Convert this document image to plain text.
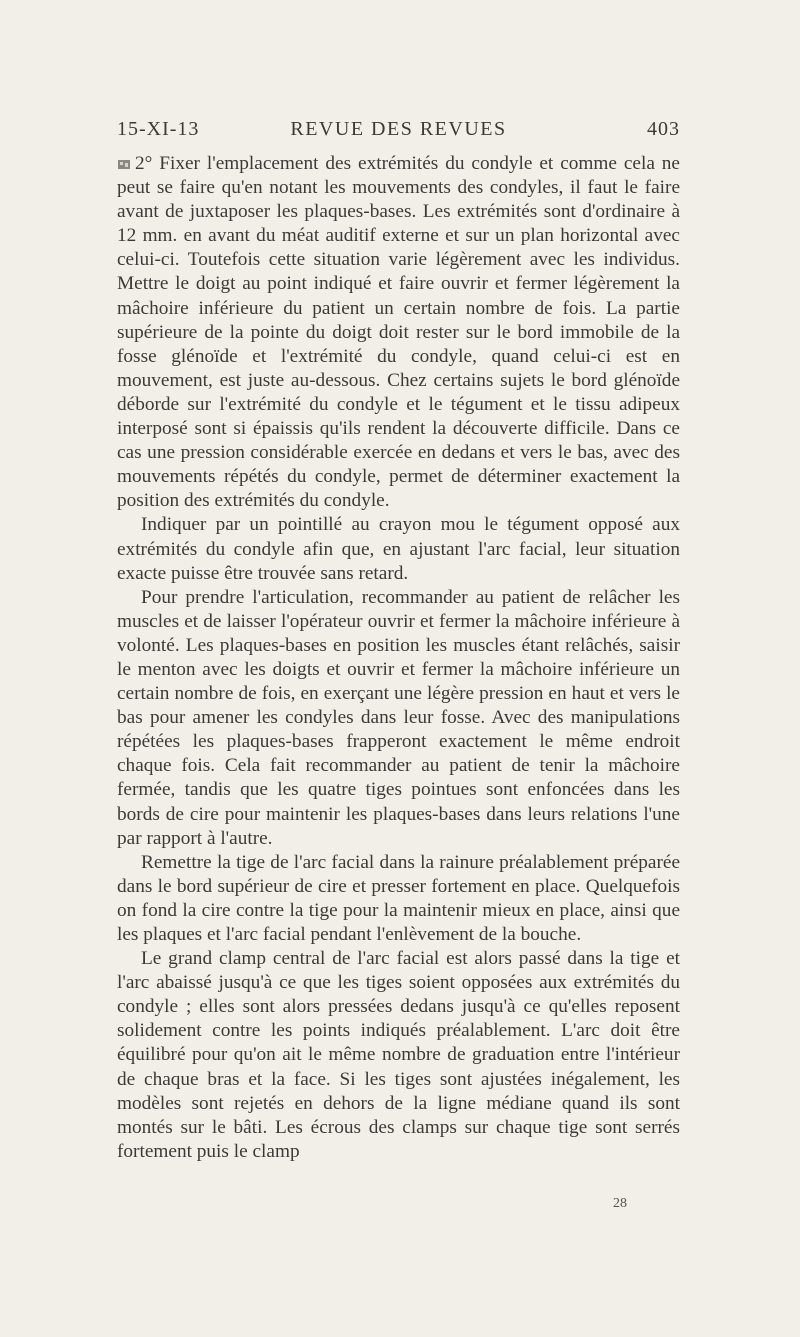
15-XI-13	REVUE DES REVUES	403

2° Fixer l'emplacement des extrémités du condyle et comme cela ne peut se faire qu'en notant les mouvements des condyles, il faut le faire avant de juxtaposer les plaques-bases. Les extrémités sont d'ordinaire à 12 mm. en avant du méat auditif externe et sur un plan horizontal avec celui-ci. Toutefois cette situation varie légèrement avec les individus. Mettre le doigt au point indiqué et faire ouvrir et fermer légèrement la mâchoire inférieure du patient un certain nombre de fois. La partie supérieure de la pointe du doigt doit rester sur le bord immobile de la fosse glénoïde et l'extrémité du condyle, quand celui-ci est en mouvement, est juste au-dessous. Chez certains sujets le bord glénoïde déborde sur l'extrémité du condyle et le tégument et le tissu adipeux interposé sont si épaissis qu'ils rendent la découverte difficile. Dans ce cas une pression considérable exercée en dedans et vers le bas, avec des mouvements répétés du condyle, permet de déterminer exactement la position des extrémités du condyle.

Indiquer par un pointillé au crayon mou le tégument opposé aux extrémités du condyle afin que, en ajustant l'arc facial, leur situation exacte puisse être trouvée sans retard.

Pour prendre l'articulation, recommander au patient de relâcher les muscles et de laisser l'opérateur ouvrir et fermer la mâchoire inférieure à volonté. Les plaques-bases en position les muscles étant relâchés, saisir le menton avec les doigts et ouvrir et fermer la mâchoire inférieure un certain nombre de fois, en exerçant une légère pression en haut et vers le bas pour amener les condyles dans leur fosse. Avec des manipulations répétées les plaques-bases frapperont exactement le même endroit chaque fois. Cela fait recommander au patient de tenir la mâchoire fermée, tandis que les quatre tiges pointues sont enfoncées dans les bords de cire pour maintenir les plaques-bases dans leurs relations l'une par rapport à l'autre.

Remettre la tige de l'arc facial dans la rainure préalablement préparée dans le bord supérieur de cire et presser fortement en place. Quelquefois on fond la cire contre la tige pour la maintenir mieux en place, ainsi que les plaques et l'arc facial pendant l'enlèvement de la bouche.

Le grand clamp central de l'arc facial est alors passé dans la tige et l'arc abaissé jusqu'à ce que les tiges soient opposées aux extrémités du condyle ; elles sont alors pressées dedans jusqu'à ce qu'elles reposent solidement contre les points indiqués préalablement. L'arc doit être équilibré pour qu'on ait le même nombre de graduation entre l'intérieur de chaque bras et la face. Si les tiges sont ajustées inégalement, les modèles sont rejetés en dehors de la ligne médiane quand ils sont montés sur le bâti. Les écrous des clamps sur chaque tige sont serrés fortement puis le clamp

28
